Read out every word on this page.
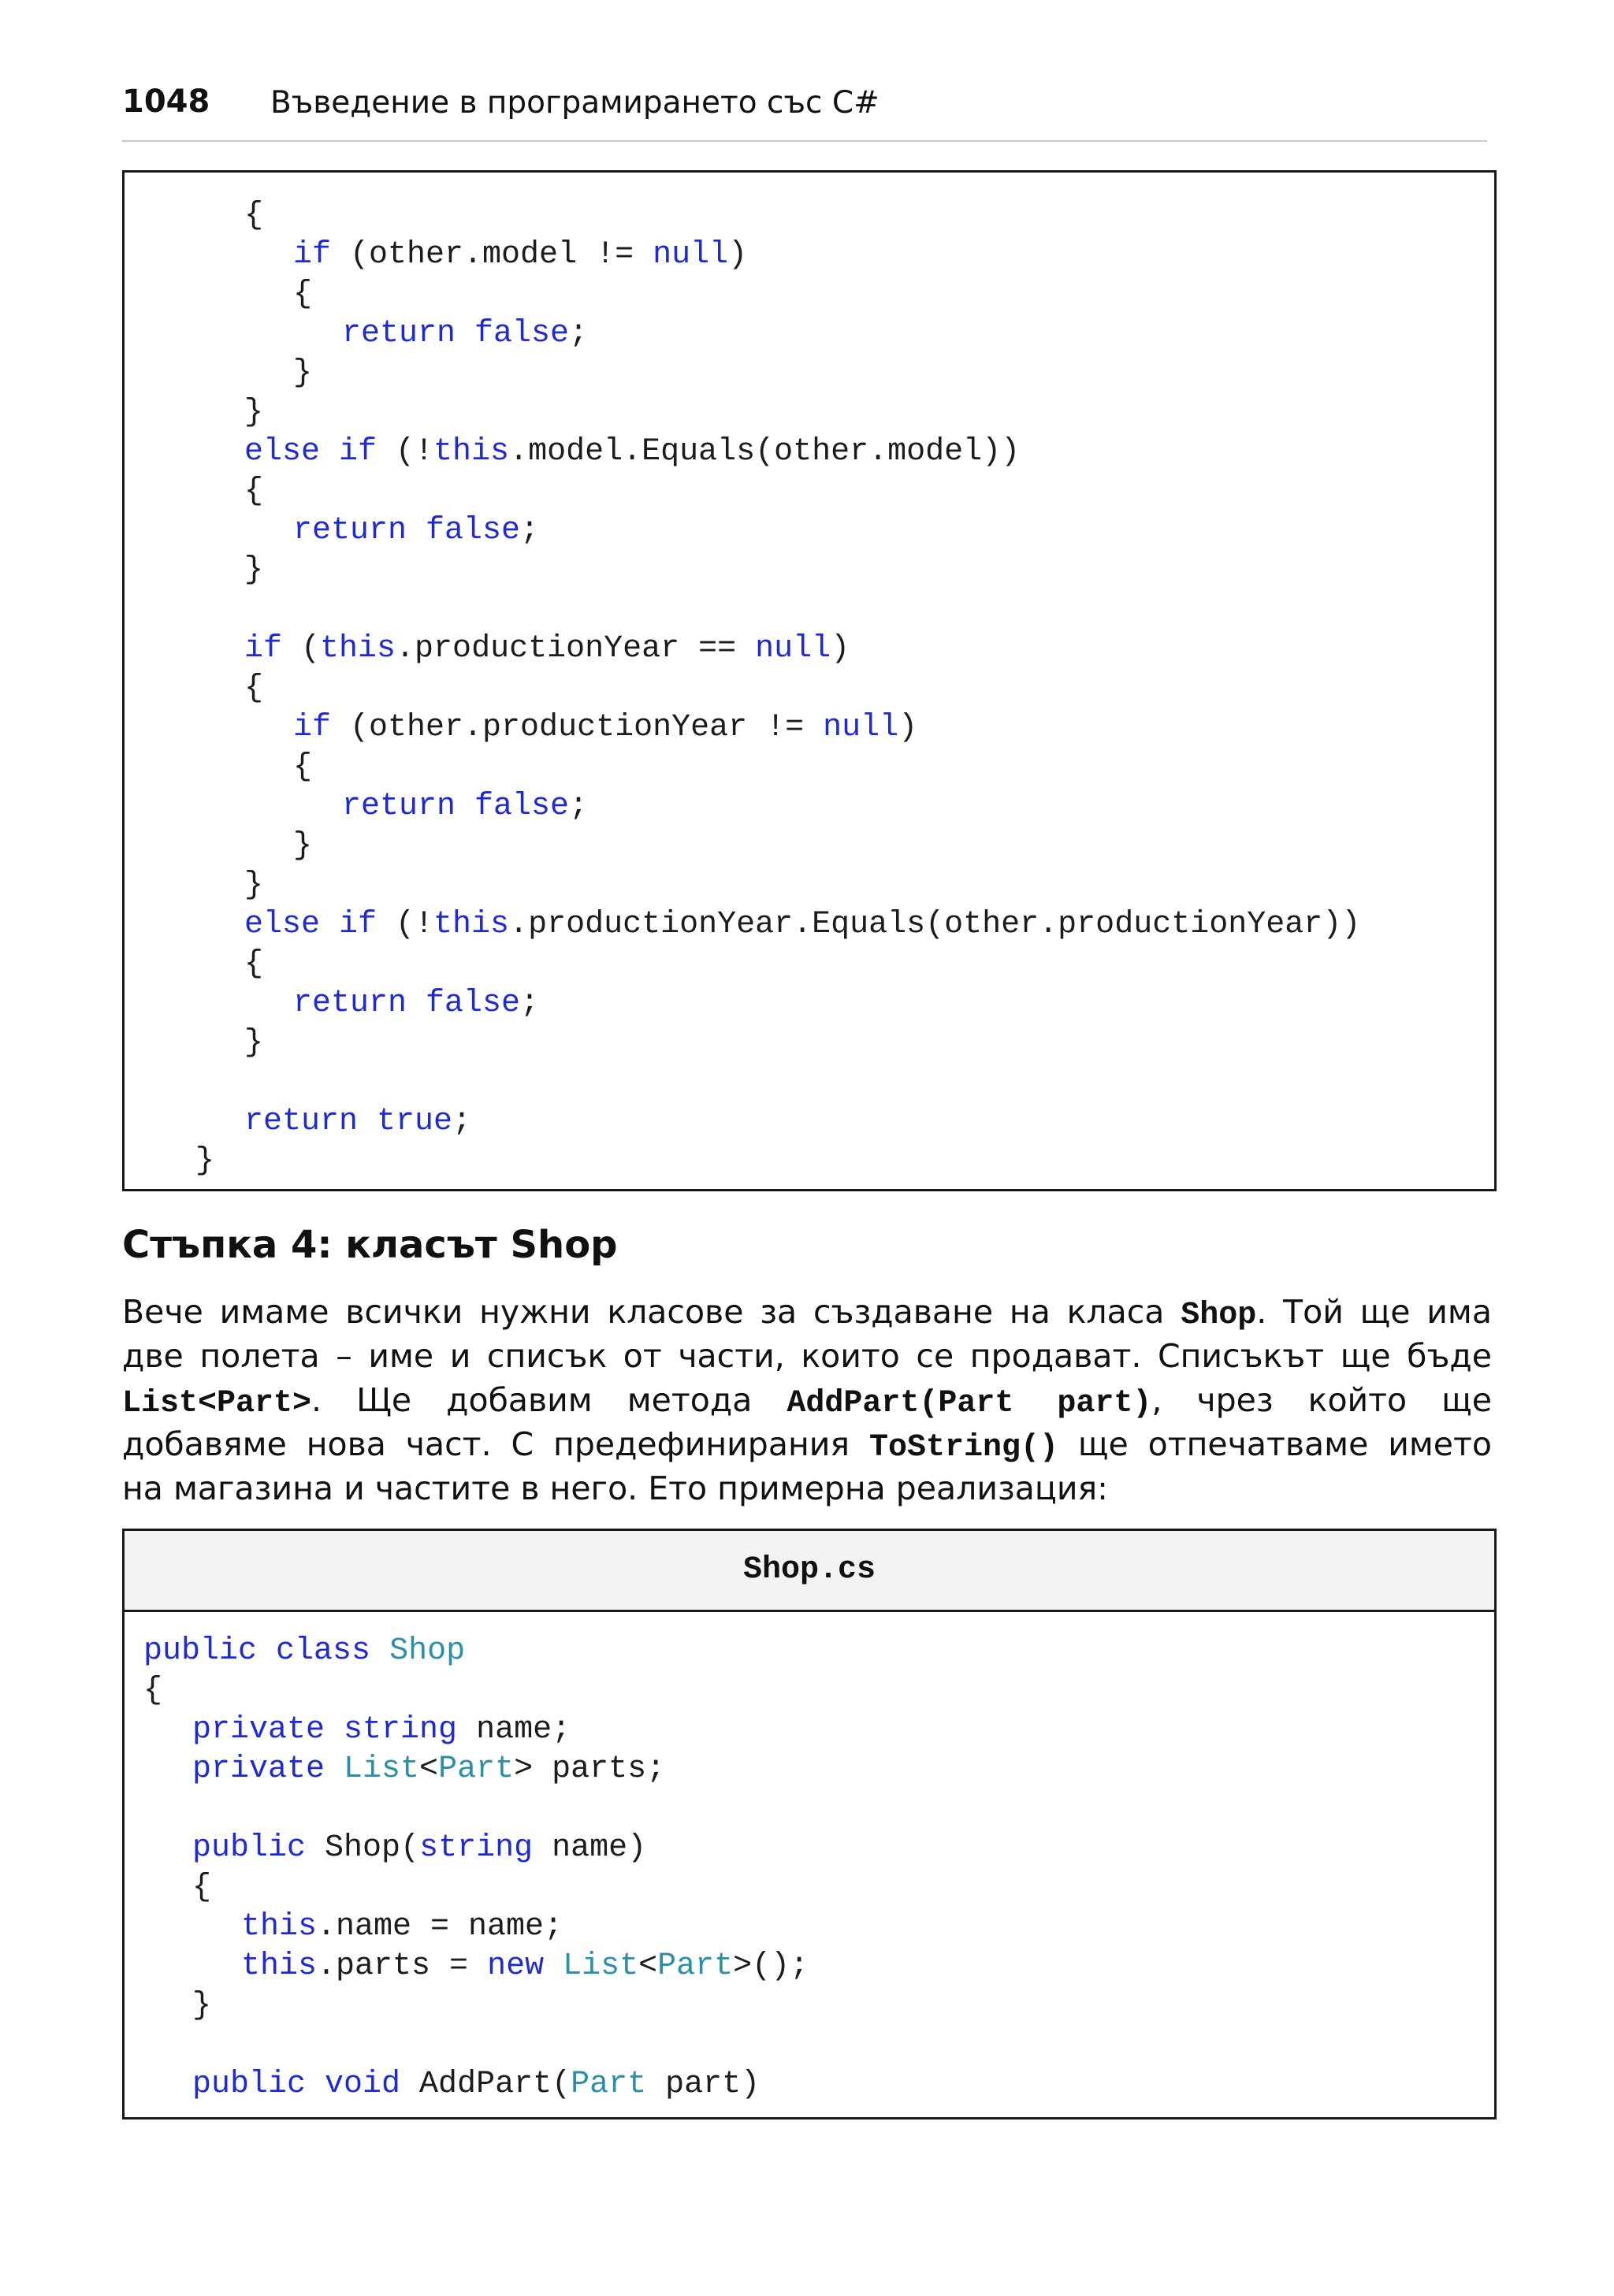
1048 Въведение в програмирането със C#
{
if (other.model != null)
{
return false;
}
}
else if (!this.model.Equals(other.model))
{
return false;
}
if (this.productionYear == null)
{
if (other.productionYear != null)
{
return false;
}
}
else if (!this.productionYear.Equals(other.productionYear))
{
return false;
}
return true;
}
Стъпка 4: класът Shop
Вече имаме всички нужни класове за създаване на класа Shop. Той ще има
две полета – име и списък от части, които се продават. Списъкът ще бъде
List<Part>. Ще добавим метода AddPart(Part part), чрез който ще
добавяме нова част. С предефинирания ToString() ще отпечатваме името
на магазина и частите в него. Ето примерна реализация:
Shop.cs
public class Shop
{
private string name;
private List<Part> parts;
public Shop(string name)
{
this.name = name;
this.parts = new List<Part>();
}
public void AddPart(Part part)
